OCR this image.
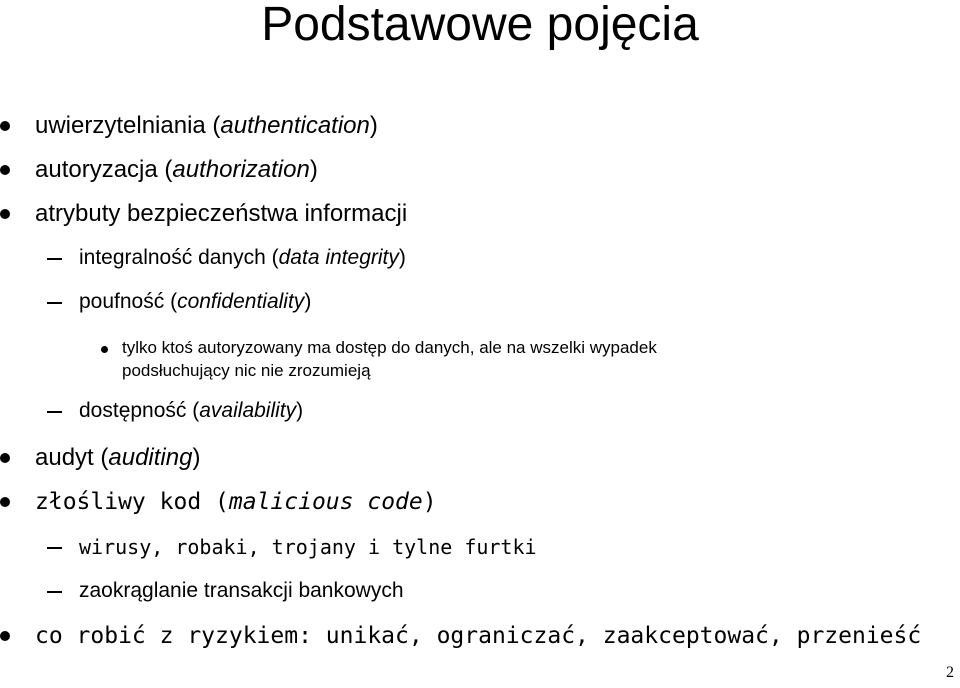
Podstawowe pojęcia
uwierzytelniania (authentication)
autoryzacja (authorization)
atrybuty bezpieczeństwa informacji
integralność danych (data integrity)
poufność (confidentiality)
tylko ktoś autoryzowany ma dostęp do danych, ale na wszelki wypadek
podsłuchujący nic nie zrozumieją
dostępność (availability)
audyt (auditing)
złośliwy kod (malicious code)
wirusy, robaki, trojany i tylne furtki
zaokrąglanie transakcji bankowych
co robić z ryzykiem: unikać, ograniczać, zaakceptować, przenieść
2
